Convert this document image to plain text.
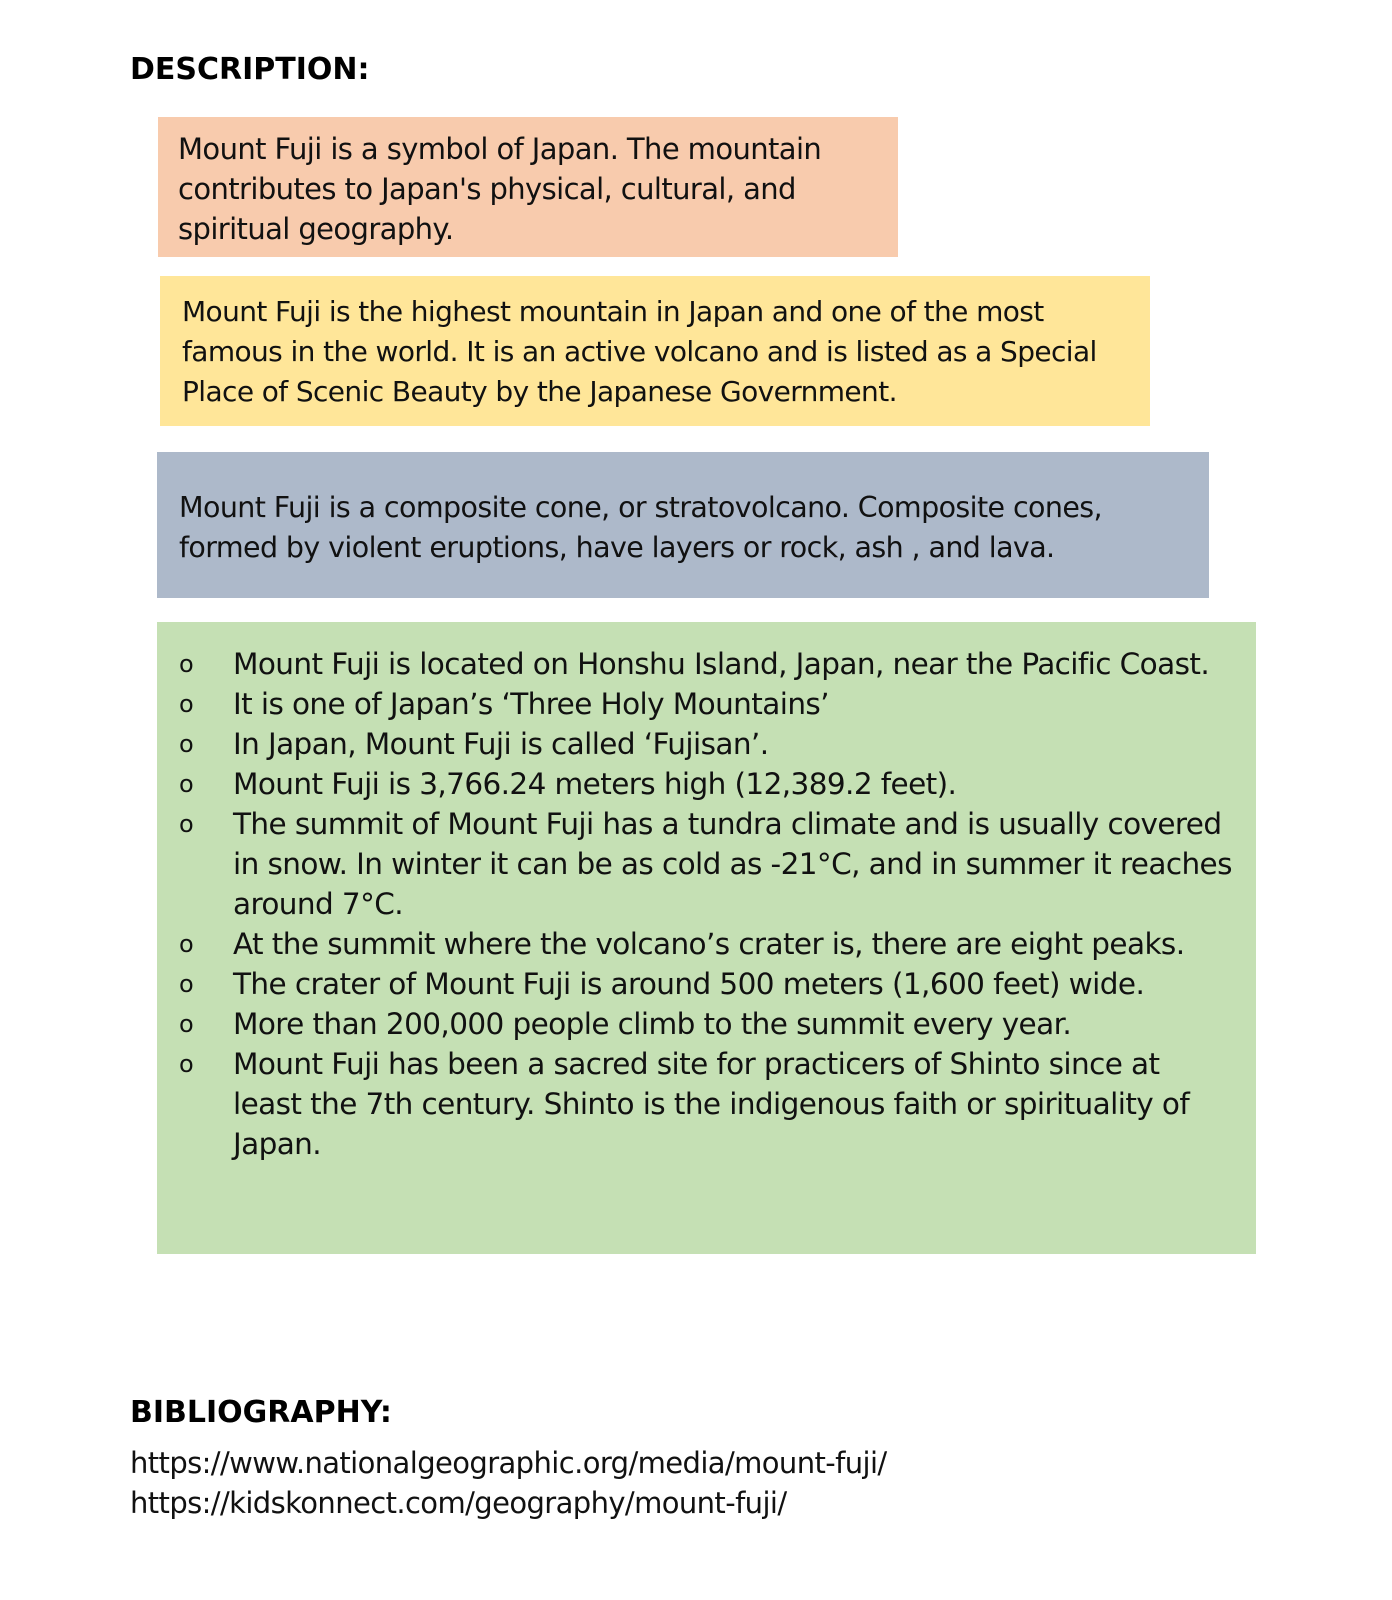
DESCRIPTION:

Mount Fuji is a symbol of Japan. The mountain contributes to Japan's physical, cultural, and spiritual geography.

Mount Fuji is the highest mountain in Japan and one of the most famous in the world. It is an active volcano and is listed as a Special Place of Scenic Beauty by the Japanese Government.

Mount Fuji is a composite cone, or stratovolcano. Composite cones, formed by violent eruptions, have layers or rock, ash , and lava.

o	Mount Fuji is located on Honshu Island, Japan, near the Pacific Coast.
o	It is one of Japan’s ‘Three Holy Mountains’
o	In Japan, Mount Fuji is called ‘Fujisan’.
o	Mount Fuji is 3,766.24 meters high (12,389.2 feet).
o	The summit of Mount Fuji has a tundra climate and is usually covered in snow. In winter it can be as cold as -21°C, and in summer it reaches around 7°C.
o	At the summit where the volcano’s crater is, there are eight peaks.
o	The crater of Mount Fuji is around 500 meters (1,600 feet) wide.
o	More than 200,000 people climb to the summit every year.
o	Mount Fuji has been a sacred site for practicers of Shinto since at least the 7th century. Shinto is the indigenous faith or spirituality of Japan.
BIBLIOGRAPHY:
https://www.nationalgeographic.org/media/mount-fuji/
https://kidskonnect.com/geography/mount-fuji/
